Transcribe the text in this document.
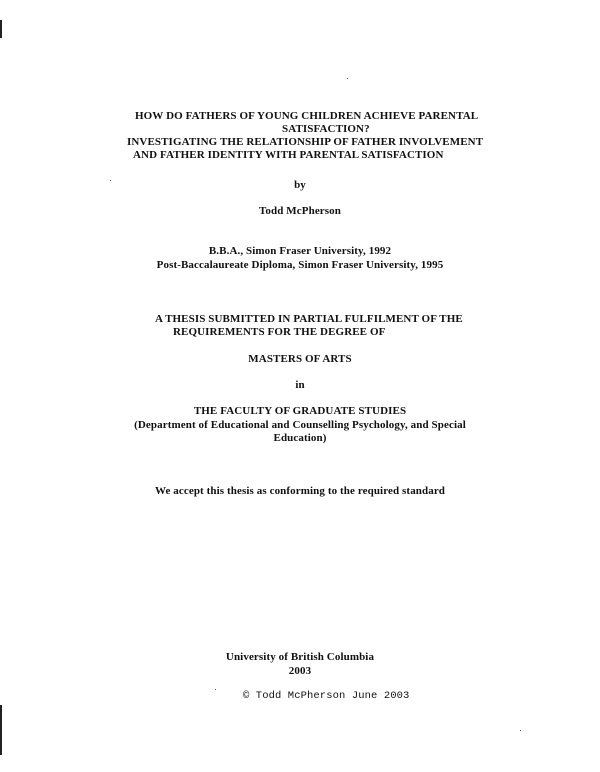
HOW DO FATHERS OF YOUNG CHILDREN ACHIEVE PARENTAL
SATISFACTION?
INVESTIGATING THE RELATIONSHIP OF FATHER INVOLVEMENT
AND FATHER IDENTITY WITH PARENTAL SATISFACTION
by
Todd McPherson
B.B.A., Simon Fraser University, 1992
Post-Baccalaureate Diploma, Simon Fraser University, 1995
A THESIS SUBMITTED IN PARTIAL FULFILMENT OF THE
REQUIREMENTS FOR THE DEGREE OF
MASTERS OF ARTS
in
THE FACULTY OF GRADUATE STUDIES
(Department of Educational and Counselling Psychology, and Special
Education)
We accept this thesis as conforming to the required standard
University of British Columbia
2003
© Todd McPherson June 2003
